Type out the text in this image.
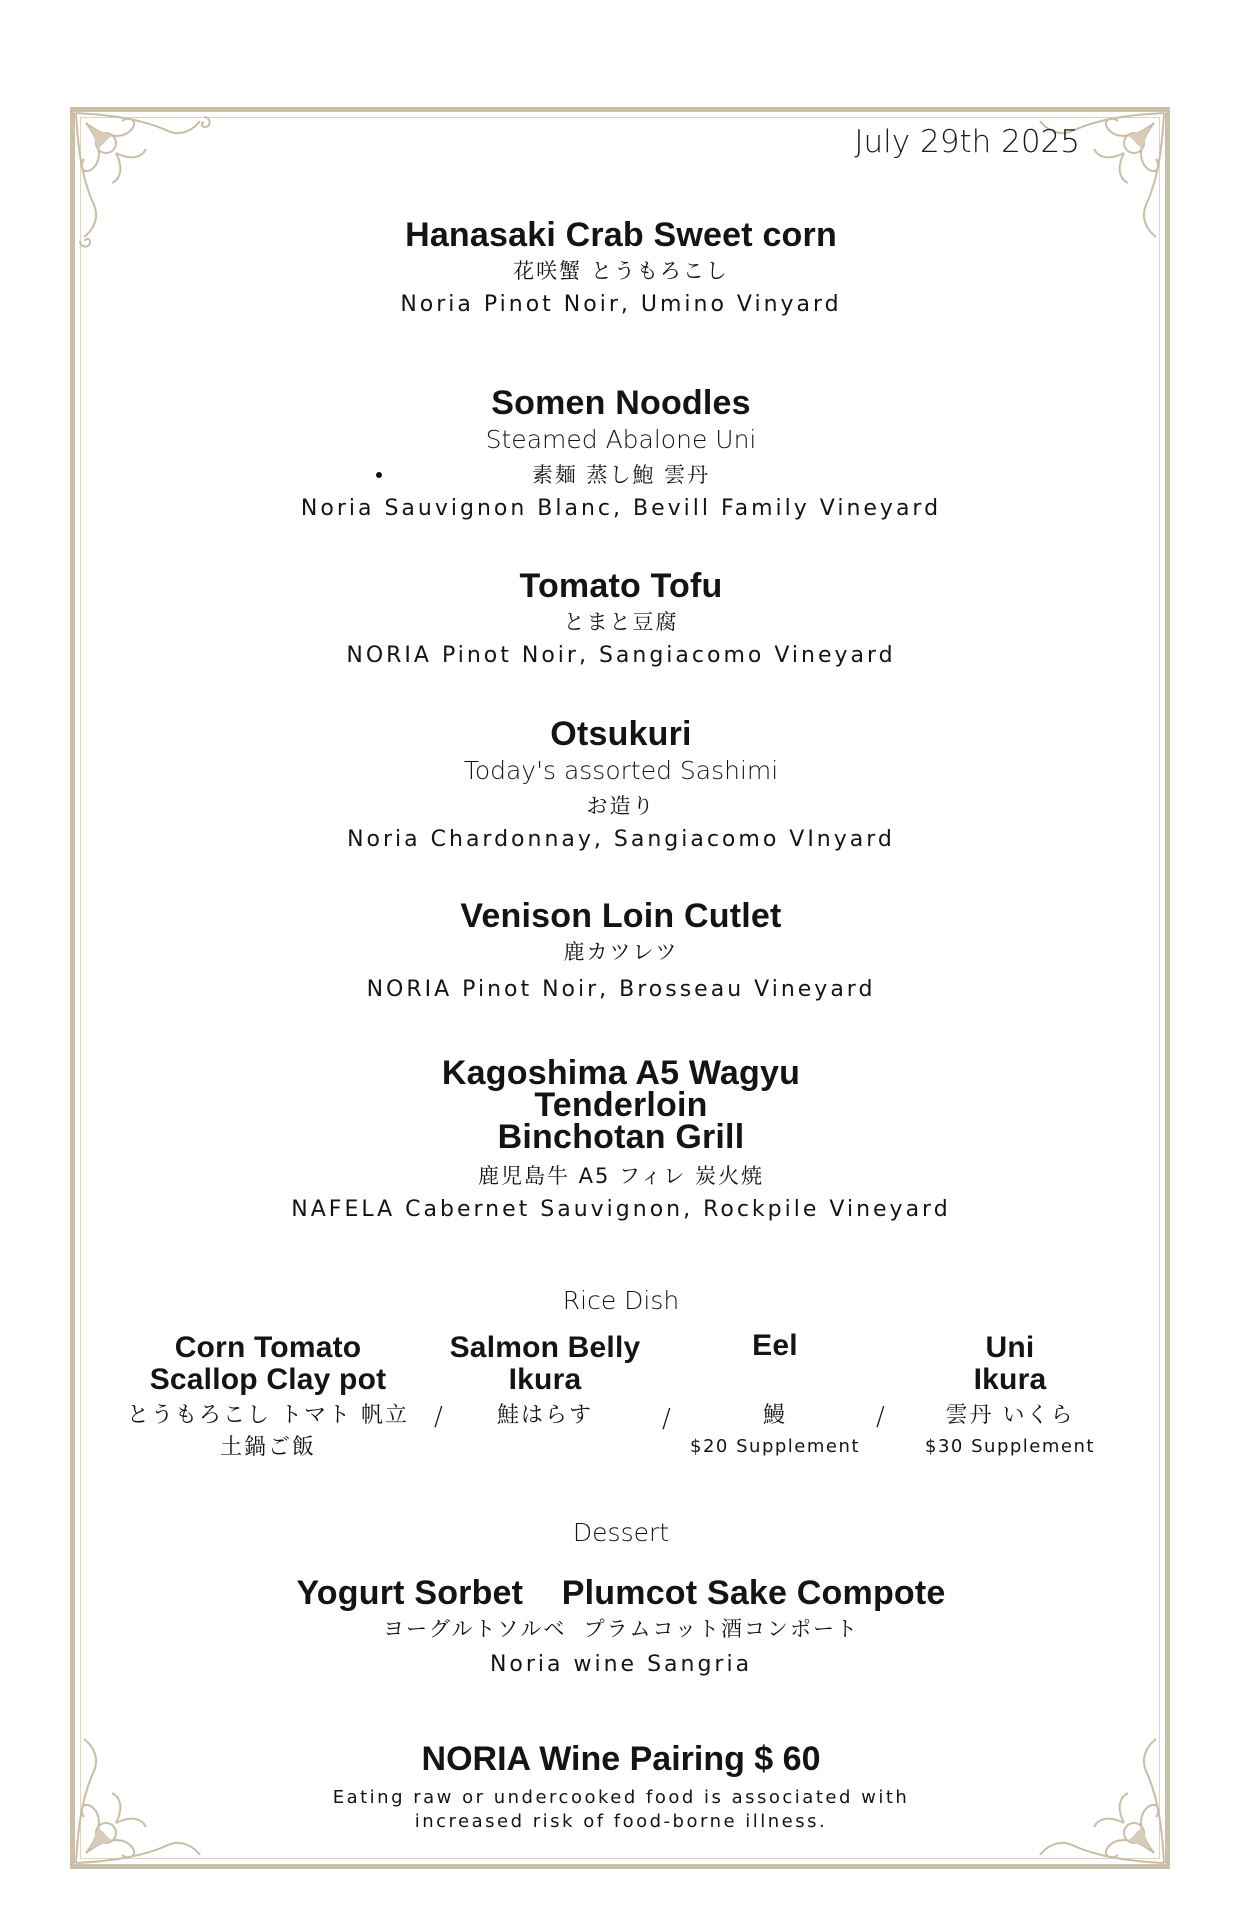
July 29th 2025
Hanasaki Crab Sweet corn
花咲蟹 とうもろこし
Noria Pinot Noir, Umino Vinyard
Somen Noodles
Steamed Abalone Uni
素麺 蒸し鮑 雲丹
Noria Sauvignon Blanc, Bevill Family Vineyard
Tomato Tofu
とまと豆腐
NORIA Pinot Noir, Sangiacomo Vineyard
Otsukuri
Today's assorted Sashimi
お造り
Noria Chardonnay, Sangiacomo VInyard
Venison Loin Cutlet
鹿カツレツ
NORIA Pinot Noir, Brosseau Vineyard
Kagoshima A5 Wagyu
Tenderloin
Binchotan Grill
鹿児島牛 A5 フィレ 炭火焼
NAFELA Cabernet Sauvignon, Rockpile Vineyard
Rice Dish
Corn Tomato
Scallop Clay pot
とうもろこし トマト 帆立
土鍋ご飯
/
Salmon Belly
Ikura
鮭はらす	/
Eel
鰻
$20 Supplement
/
Uni
Ikura
雲丹 いくら
$30 Supplement
Dessert
Yogurt Sorbet    Plumcot Sake Compote
ヨーグルトソルベ  プラムコット酒コンポート
Noria wine Sangria
NORIA Wine Pairing $ 60
Eating raw or undercooked food is associated with
increased risk of food-borne illness.
